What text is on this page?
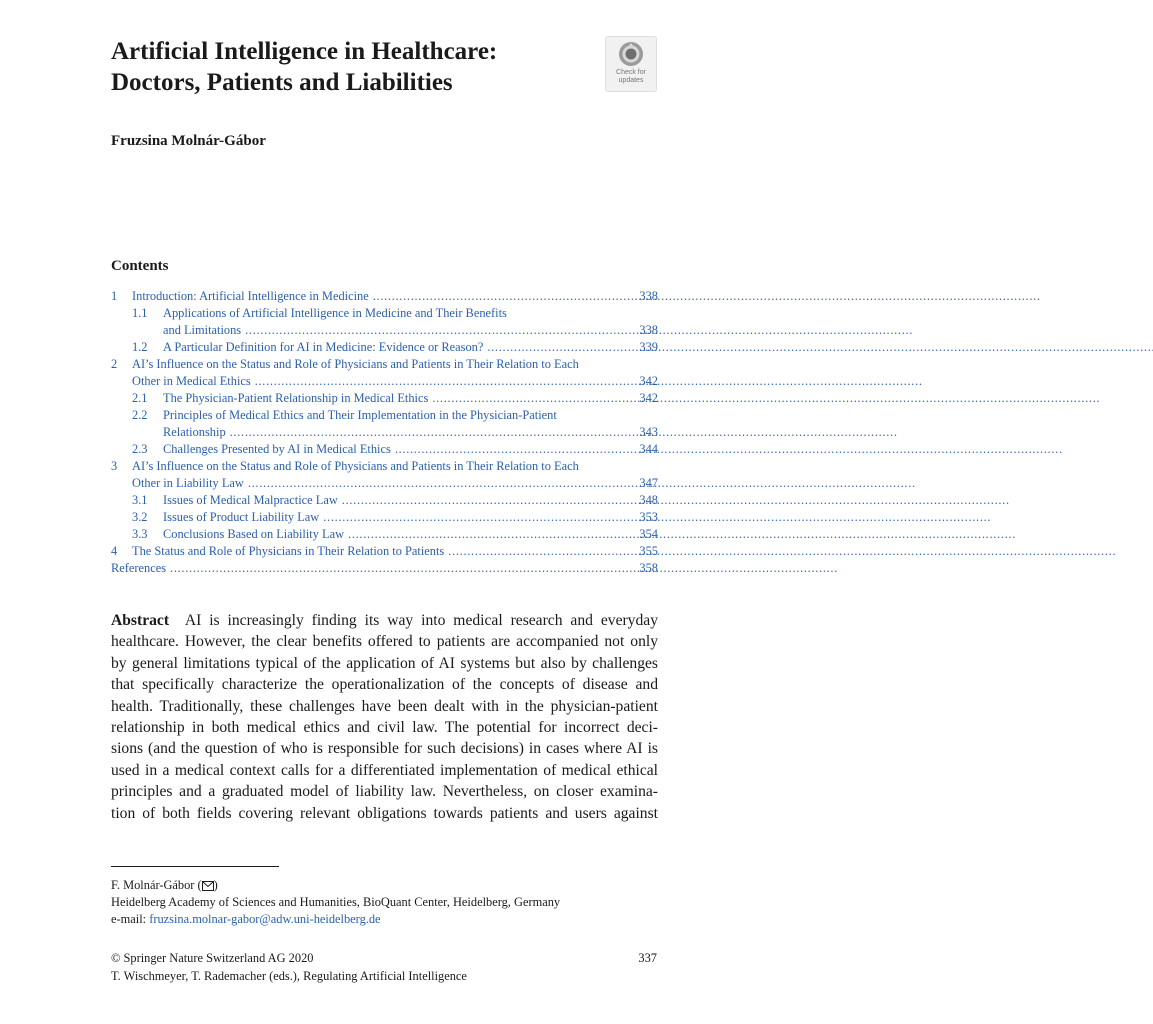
Artificial Intelligence in Healthcare:
Doctors, Patients and Liabilities	Check for
updates

Fruzsina Molnár-Gábor

Contents
1 Introduction: Artificial Intelligence in Medicine . . .	338
1.1 Applications of Artificial Intelligence in Medicine and Their Benefits
and Limitations . . .	338
1.2 A Particular Definition for AI in Medicine: Evidence or Reason? . . .	339
2 AI’s Influence on the Status and Role of Physicians and Patients in Their Relation to Each
Other in Medical Ethics . . .	342
2.1 The Physician-Patient Relationship in Medical Ethics . . .	342
2.2 Principles of Medical Ethics and Their Implementation in the Physician-Patient
Relationship . . .	343
2.3 Challenges Presented by AI in Medical Ethics . . .	344
3 AI’s Influence on the Status and Role of Physicians and Patients in Their Relation to Each
Other in Liability Law . . .	347
3.1 Issues of Medical Malpractice Law . . .	348
3.2 Issues of Product Liability Law . . .	353
3.3 Conclusions Based on Liability Law . . .	354
4 The Status and Role of Physicians in Their Relation to Patients . . .	355
References . . .	358

Abstract AI is increasingly finding its way into medical research and everyday
healthcare. However, the clear benefits offered to patients are accompanied not only
by general limitations typical of the application of AI systems but also by challenges
that specifically characterize the operationalization of the concepts of disease and
health. Traditionally, these challenges have been dealt with in the physician-patient
relationship in both medical ethics and civil law. The potential for incorrect deci-
sions (and the question of who is responsible for such decisions) in cases where AI is
used in a medical context calls for a differentiated implementation of medical ethical
principles and a graduated model of liability law. Nevertheless, on closer examina-
tion of both fields covering relevant obligations towards patients and users against

F. Molnár-Gábor ( )
Heidelberg Academy of Sciences and Humanities, BioQuant Center, Heidelberg, Germany
e-mail: fruzsina.molnar-gabor@adw.uni-heidelberg.de
© Springer Nature Switzerland AG 2020	337
T. Wischmeyer, T. Rademacher (eds.), Regulating Artificial Intelligence
